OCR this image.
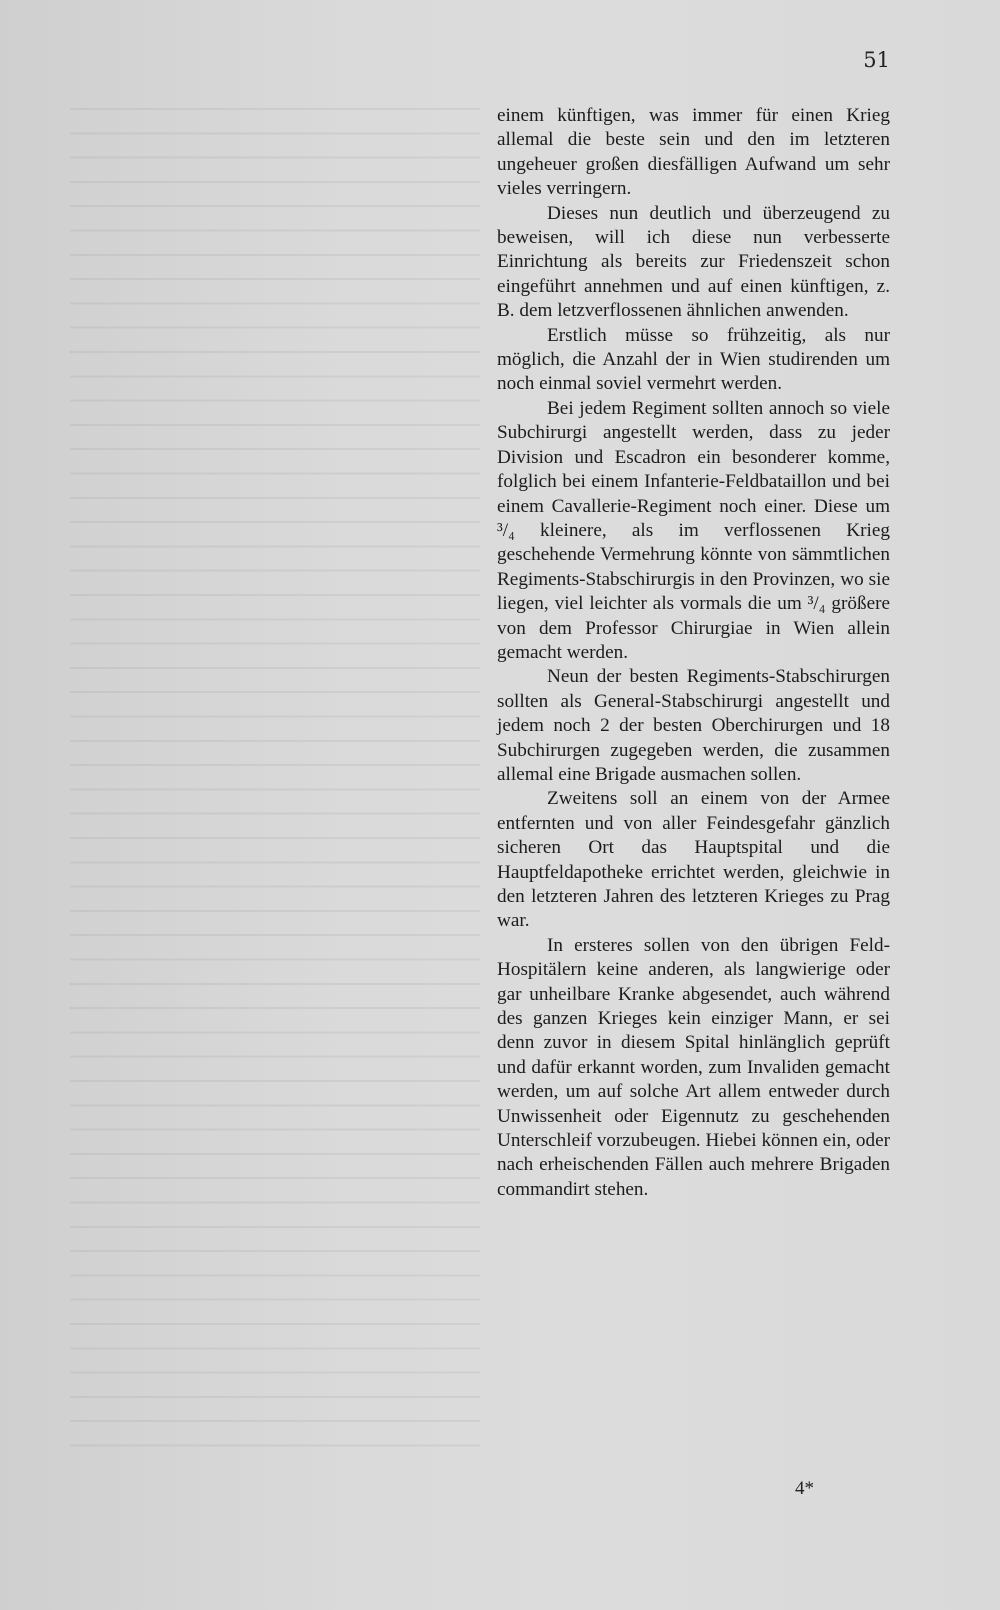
51

einem künftigen, was immer für einen Krieg allemal die beste sein und den im letzteren ungeheuer großen diesfälligen Aufwand um sehr vieles verringern.

Dieses nun deutlich und überzeugend zu beweisen, will ich diese nun verbesserte Einrichtung als bereits zur Friedenszeit schon eingeführt annehmen und auf einen künftigen, z. B. dem letzverflossenen ähnlichen anwenden.

Erstlich müsse so frühzeitig, als nur möglich, die Anzahl der in Wien studirenden um noch einmal soviel vermehrt werden.

Bei jedem Regiment sollten annoch so viele Subchirurgi angestellt werden, dass zu jeder Division und Escadron ein besonderer komme, folglich bei einem Infanterie-Feldbataillon und bei einem Cavallerie-Regiment noch einer. Diese um ³/₄ kleinere, als im verflossenen Krieg geschehende Vermehrung könnte von sämmtlichen Regiments-Stabschirurgis in den Provinzen, wo sie liegen, viel leichter als vormals die um ³/₄ größere von dem Professor Chirurgiae in Wien allein gemacht werden.

Neun der besten Regiments-Stabschirurgen sollten als General-Stabschirurgi angestellt und jedem noch 2 der besten Oberchirurgen und 18 Subchirurgen zugegeben werden, die zusammen allemal eine Brigade ausmachen sollen.

Zweitens soll an einem von der Armee entfernten und von aller Feindesgefahr gänzlich sicheren Ort das Hauptspital und die Hauptfeldapotheke errichtet werden, gleichwie in den letzteren Jahren des letzteren Krieges zu Prag war.

In ersteres sollen von den übrigen Feld-Hospitälern keine anderen, als langwierige oder gar unheilbare Kranke abgesendet, auch während des ganzen Krieges kein einziger Mann, er sei denn zuvor in diesem Spital hinlänglich geprüft und dafür erkannt worden, zum Invaliden gemacht werden, um auf solche Art allem entweder durch Unwissenheit oder Eigennutz zu geschehenden Unterschleif vorzubeugen. Hiebei können ein, oder nach erheischenden Fällen auch mehrere Brigaden commandirt stehen.

4*
